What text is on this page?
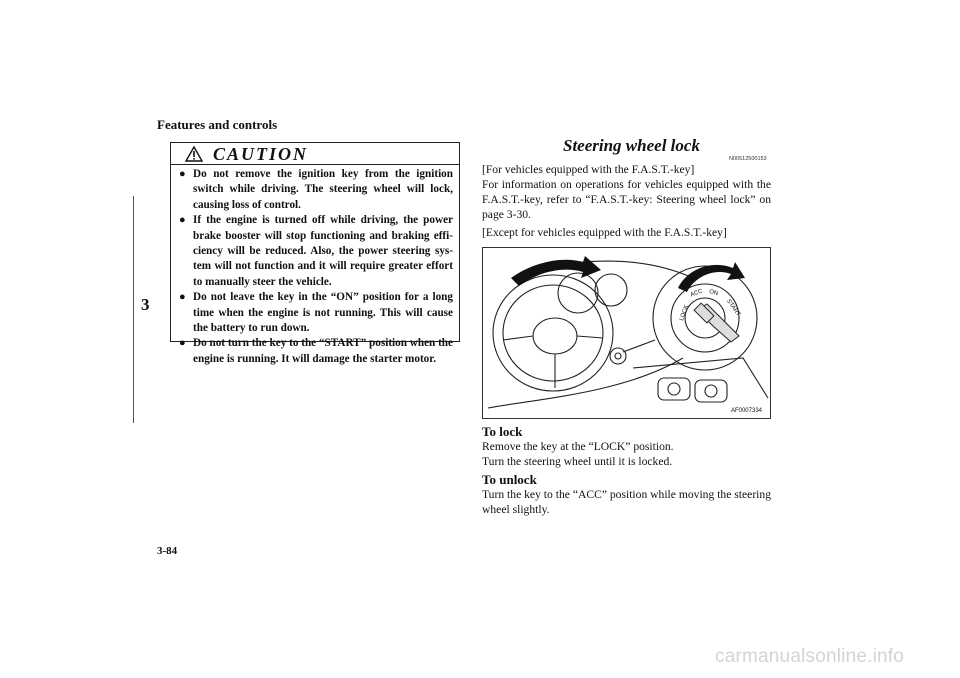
Features and controls
3
CAUTION
● Do not remove the ignition key from the ignition switch while driving. The steering wheel will lock, causing loss of control.
● If the engine is turned off while driving, the power brake booster will stop functioning and braking effi-ciency will be reduced. Also, the power steering sys-tem will not function and it will require greater effort to manually steer the vehicle.
● Do not leave the key in the “ON” position for a long time when the engine is not running. This will cause the battery to run down.
● Do not turn the key to the “START” position when the engine is running. It will damage the starter motor.
Steering wheel lock
N00512500153

[For vehicles equipped with the F.A.S.T.-key]
For information on operations for vehicles equipped with the F.A.S.T.-key, refer to “F.A.S.T.-key: Steering wheel lock” on page 3-30.

[Except for vehicles equipped with the F.A.S.T.-key]

LOCK
ACC ON
START
AF0007334
To lock

Remove the key at the “LOCK” position.
Turn the steering wheel until it is locked.

To unlock

Turn the key to the “ACC” position while moving the steering wheel slightly.

3-84
carmanualsonline.info
